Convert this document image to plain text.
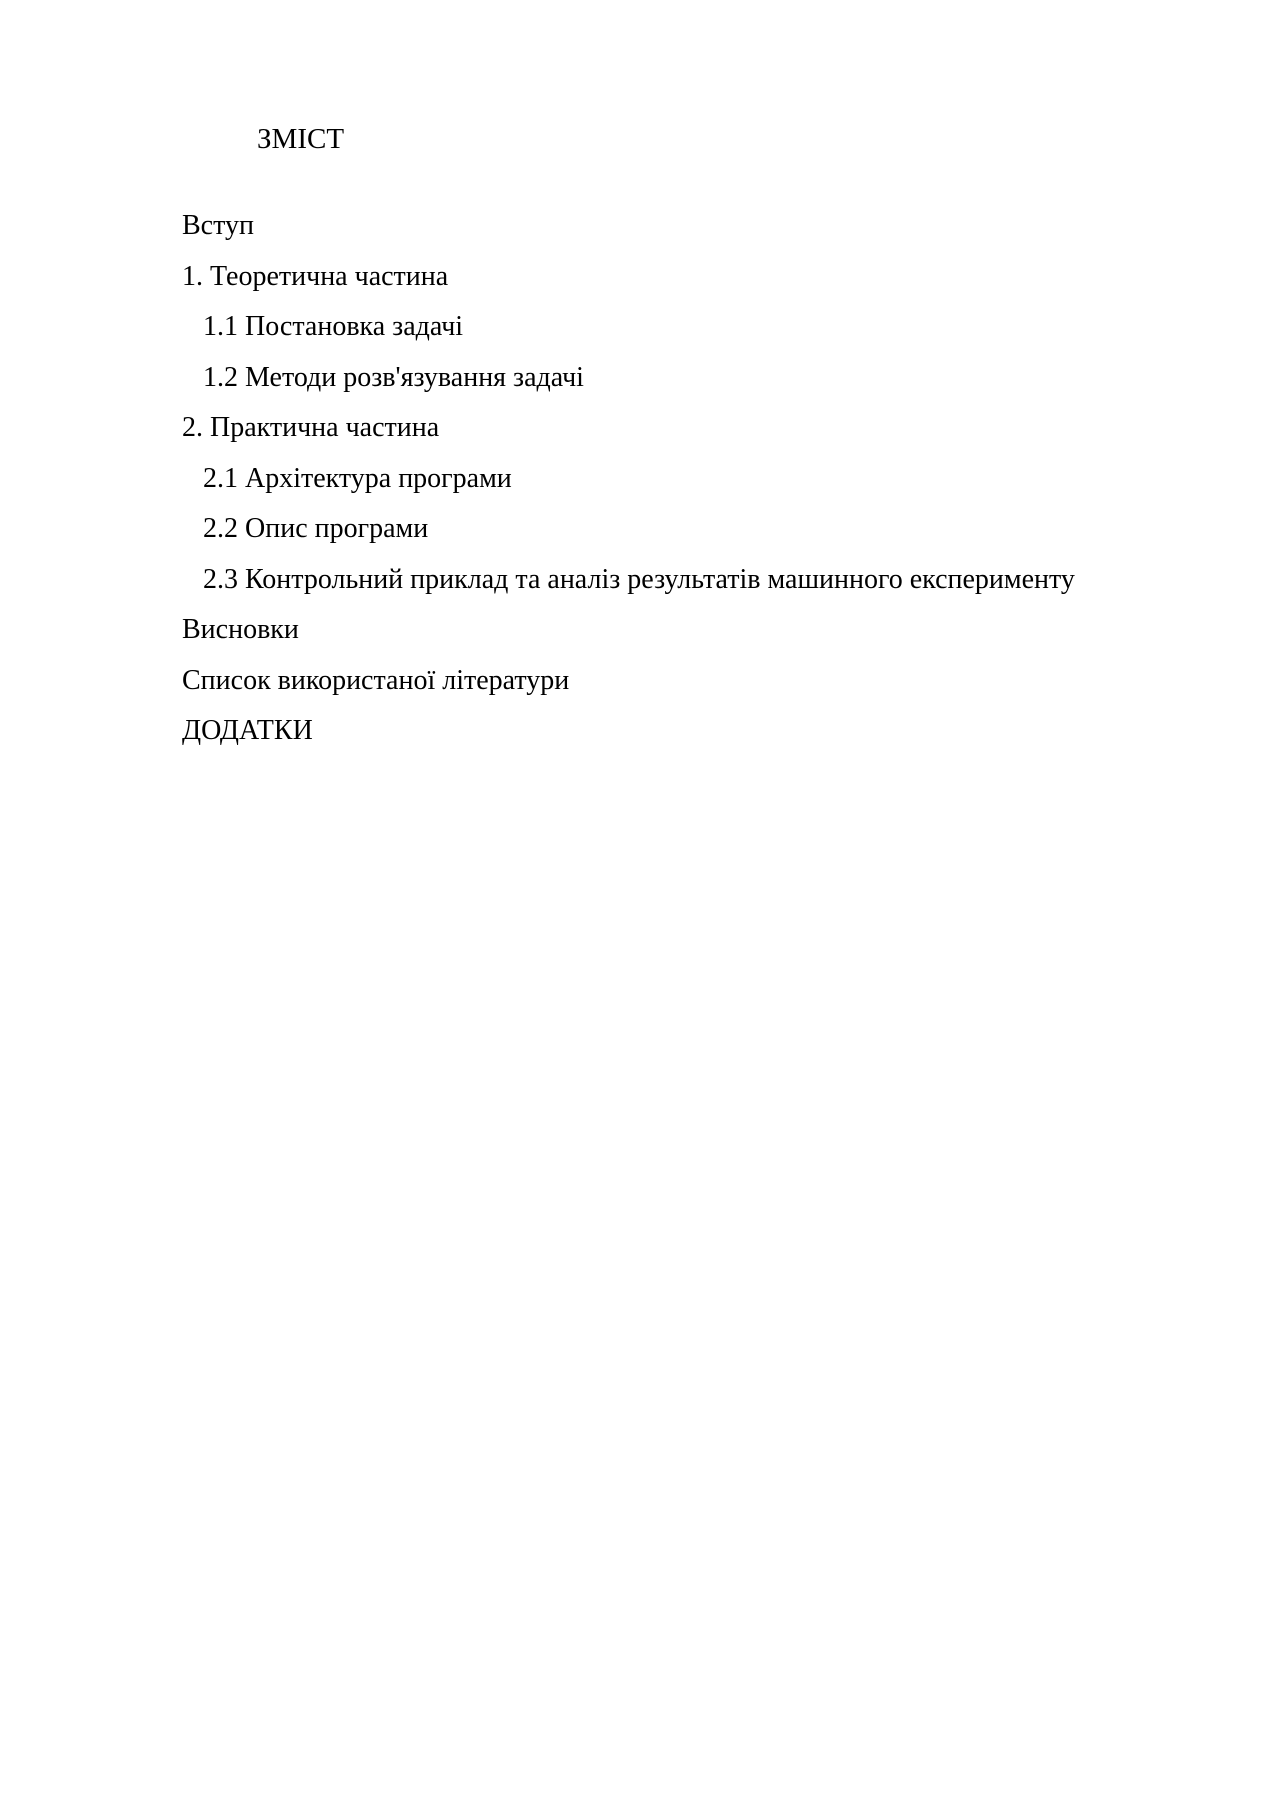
ЗМІСТ
Вступ
1. Теоретична частина
1.1 Постановка задачі
1.2 Методи розв'язування задачі
2. Практична частина
2.1 Архітектура програми
2.2 Опис програми
2.3 Контрольний приклад та аналіз результатів машинного експерименту
Висновки
Список використаної літератури
ДОДАТКИ
